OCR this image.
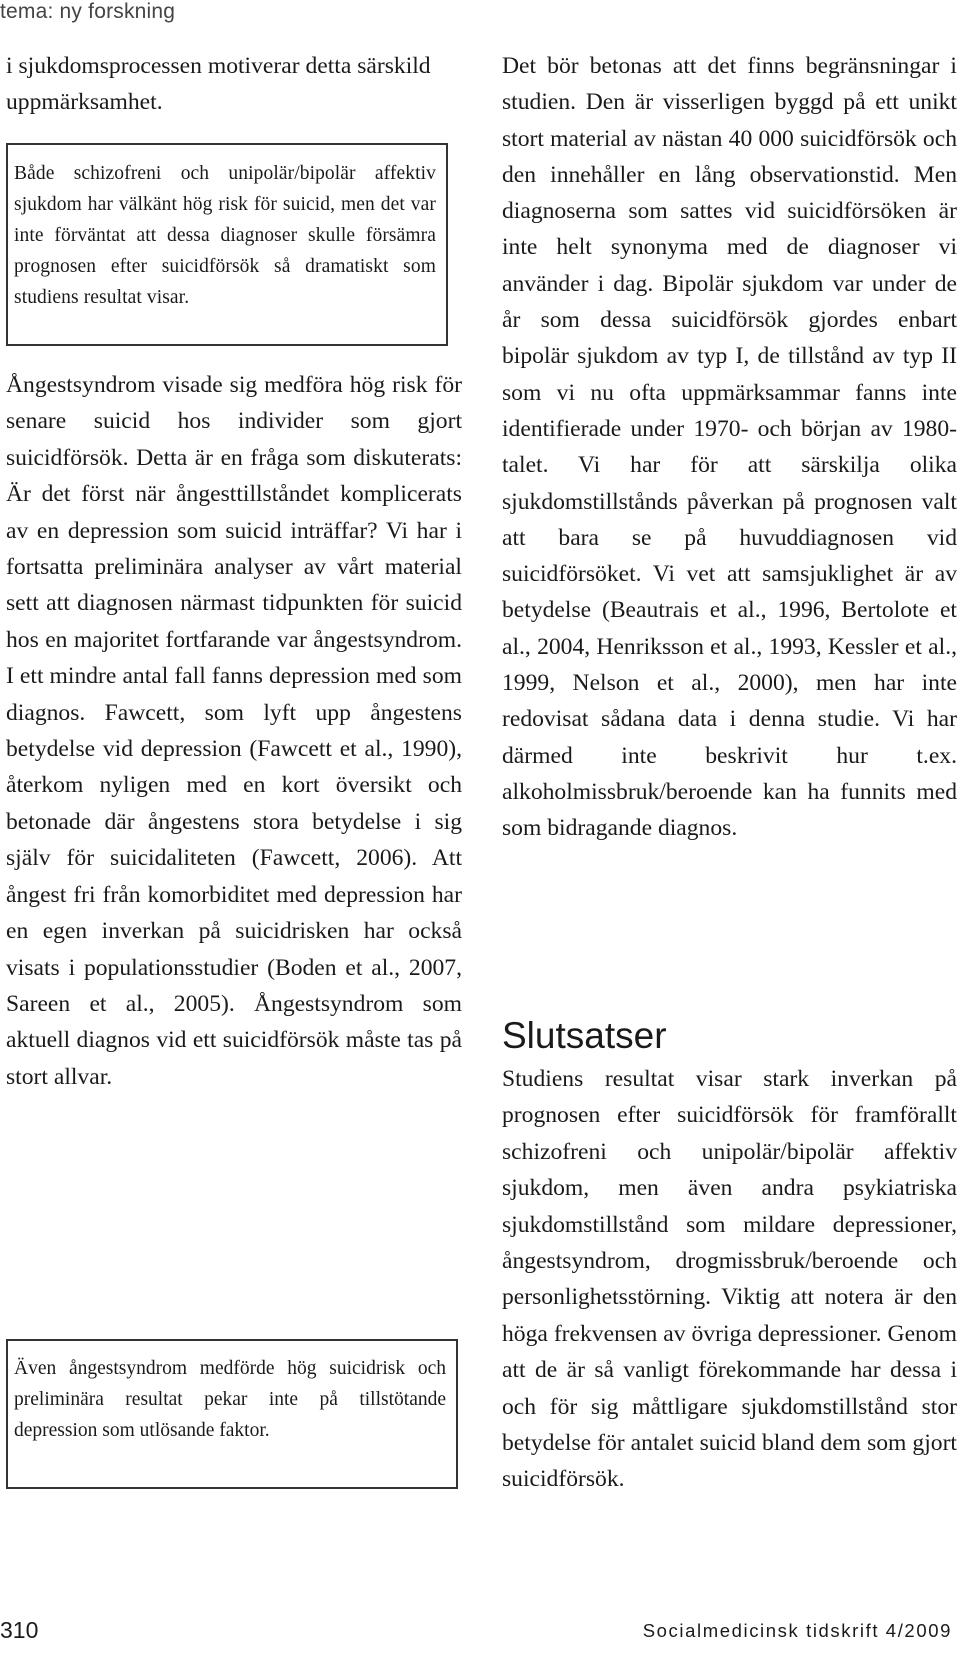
tema: ny forskning

i sjukdomsprocessen motiverar detta särskild uppmärksamhet.

Både schizofreni och unipolär/bipolär affektiv sjukdom har välkänt hög risk för suicid, men det var inte förväntat att dessa diagnoser skulle försämra prognosen efter suicidförsök så dramatiskt som studiens resultat visar.

Ångestsyndrom visade sig medföra hög risk för senare suicid hos individer som gjort suicidförsök. Detta är en fråga som diskuterats: Är det först när ångesttillståndet komplicerats av en depression som suicid inträffar? Vi har i fortsatta preliminära analyser av vårt material sett att diagnosen närmast tidpunkten för suicid hos en majoritet fortfarande var ångestsyndrom. I ett mindre antal fall fanns depression med som diagnos. Fawcett, som lyft upp ångestens betydelse vid depression (Fawcett et al., 1990), återkom nyligen med en kort översikt och betonade där ångestens stora betydelse i sig själv för suicidaliteten (Fawcett, 2006). Att ångest fri från komorbiditet med depression har en egen inverkan på suicidrisken har också visats i populationsstudier (Boden et al., 2007, Sareen et al., 2005). Ångestsyndrom som aktuell diagnos vid ett suicidförsök måste tas på stort allvar.

Även ångestsyndrom medförde hög suicidrisk och preliminära resultat pekar inte på tillstötande depression som utlösande faktor.

Det bör betonas att det finns begränsningar i studien. Den är visserligen byggd på ett unikt stort material av nästan 40 000 suicidförsök och den innehåller en lång observationstid. Men diagnoserna som sattes vid suicidförsöken är inte helt synonyma med de diagnoser vi använder i dag. Bipolär sjukdom var under de år som dessa suicidförsök gjordes enbart bipolär sjukdom av typ I, de tillstånd av typ II som vi nu ofta uppmärksammar fanns inte identifierade under 1970- och början av 1980-talet. Vi har för att särskilja olika sjukdomstillstånds påverkan på prognosen valt att bara se på huvuddiagnosen vid suicidförsöket. Vi vet att samsjuklighet är av betydelse (Beautrais et al., 1996, Bertolote et al., 2004, Henriksson et al., 1993, Kessler et al., 1999, Nelson et al., 2000), men har inte redovisat sådana data i denna studie. Vi har därmed inte beskrivit hur t.ex. alkoholmissbruk/beroende kan ha funnits med som bidragande diagnos.

Slutsatser

Studiens resultat visar stark inverkan på prognosen efter suicidförsök för framförallt schizofreni och unipolär/bipolär affektiv sjukdom, men även andra psykiatriska sjukdomstillstånd som mildare depressioner, ångestsyndrom, drogmissbruk/beroende och personlighetsstörning. Viktig att notera är den höga frekvensen av övriga depressioner. Genom att de är så vanligt förekommande har dessa i och för sig måttligare sjukdomstillstånd stor betydelse för antalet suicid bland dem som gjort suicidförsök.

310	Socialmedicinsk tidskrift 4/2009
